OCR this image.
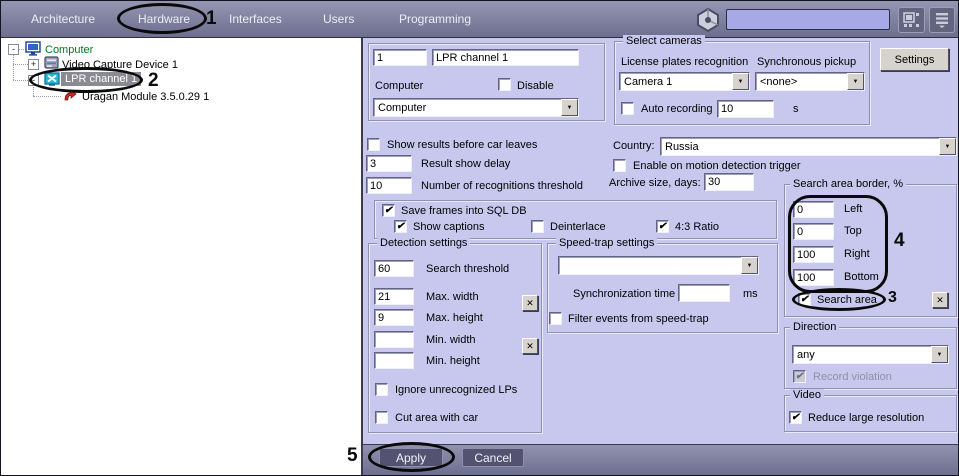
Architecture	Hardware	Interfaces	Users	Programming
-	Computer
+ Video Capture Device 1
-	LPR channel 1
Uragan Module 3.5.0.29 1
1
LPR channel 1
Computer	Disable
Computer	▼
Select cameras
License plates recognition Synchronous pickup
Camera 1	▼	<none>	▼
Auto recording
10	s
Settings
Show results before car leaves
3
Result show delay
10
Number of recognitions threshold
Country: Russia	▼
Enable on motion detection trigger
Archive size, days:
30
✔ Save frames into SQL DB
✔ Show captions	Deinterlace	✔ 4:3 Ratio
Detection settings
60
Search threshold
21
Max. width	✕
9
Max. height
Min. width	✕
Min. height
Ignore unrecognized LPs
Cut area with car
Speed-trap settings
▼
Synchronization time	ms
Filter events from speed-trap
Search area border, %
0
Left
0
Top
100
Right
100
Bottom
✔ Search area	✕
Direction
any	▼
✔ Record violation
Video
✔ Reduce large resolution
Apply	Cancel
1
2
3
4
5
